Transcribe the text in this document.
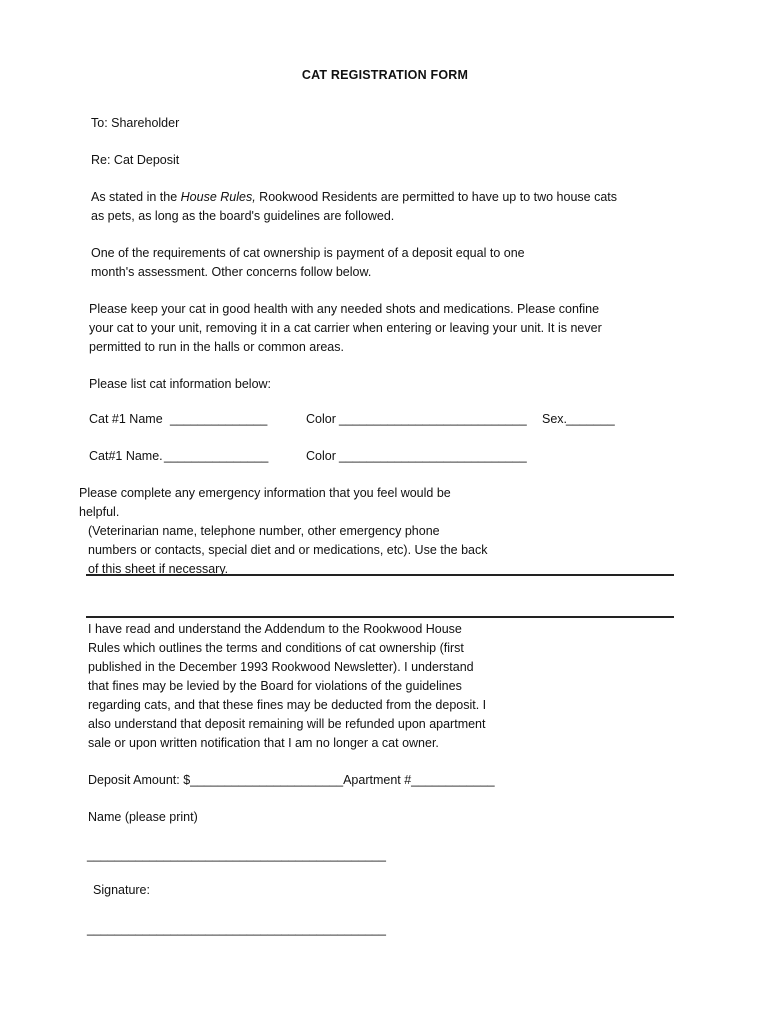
CAT REGISTRATION FORM
To: Shareholder
Re: Cat Deposit
As stated in the House Rules, Rookwood Residents are permitted to have up to two house cats
as pets, as long as the board's guidelines are followed.
One of the requirements of cat ownership is payment of a deposit equal to one
month's assessment. Other concerns follow below.
Please keep your cat in good health with any needed shots and medications. Please confine
your cat to your unit, removing it in a cat carrier when entering or leaving your unit. It is never
permitted to run in the halls or common areas.
Please list cat information below:
Cat #1 Name ______________	Color ___________________________ Sex.
_______
Cat#1 Name. _______________	Color ___________________________
Please complete any emergency information that you feel would be
helpful.
(Veterinarian name, telephone number, other emergency phone
numbers or contacts, special diet and or medications, etc). Use the back
of this sheet if necessary.
I have read and understand the Addendum to the Rookwood House
Rules which outlines the terms and conditions of cat ownership (first
published in the December 1993 Rookwood Newsletter). I understand
that fines may be levied by the Board for violations of the guidelines
regarding cats, and that these fines may be deducted from the deposit. I
also understand that deposit remaining will be refunded upon apartment
sale or upon written notification that I am no longer a cat owner.
Deposit Amount: $______________________Apartment #____________
Name (please print)
___________________________________________
Signature:
___________________________________________
